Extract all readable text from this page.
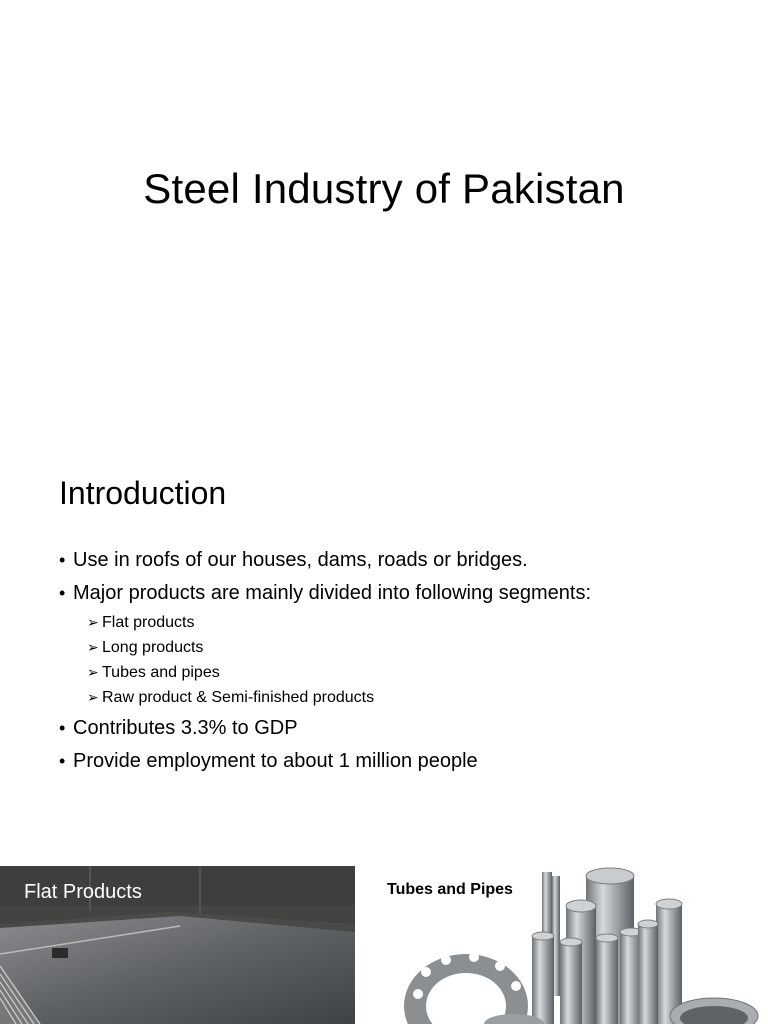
Steel Industry of Pakistan
Introduction
• Use in roofs of our houses, dams, roads or bridges.
• Major products are mainly divided into following segments:
➢ Flat products
➢ Long products
➢ Tubes and pipes
➢ Raw product & Semi-finished products
• Contributes 3.3% to GDP
• Provide employment to about 1 million people
Flat Products	Tubes and Pipes
